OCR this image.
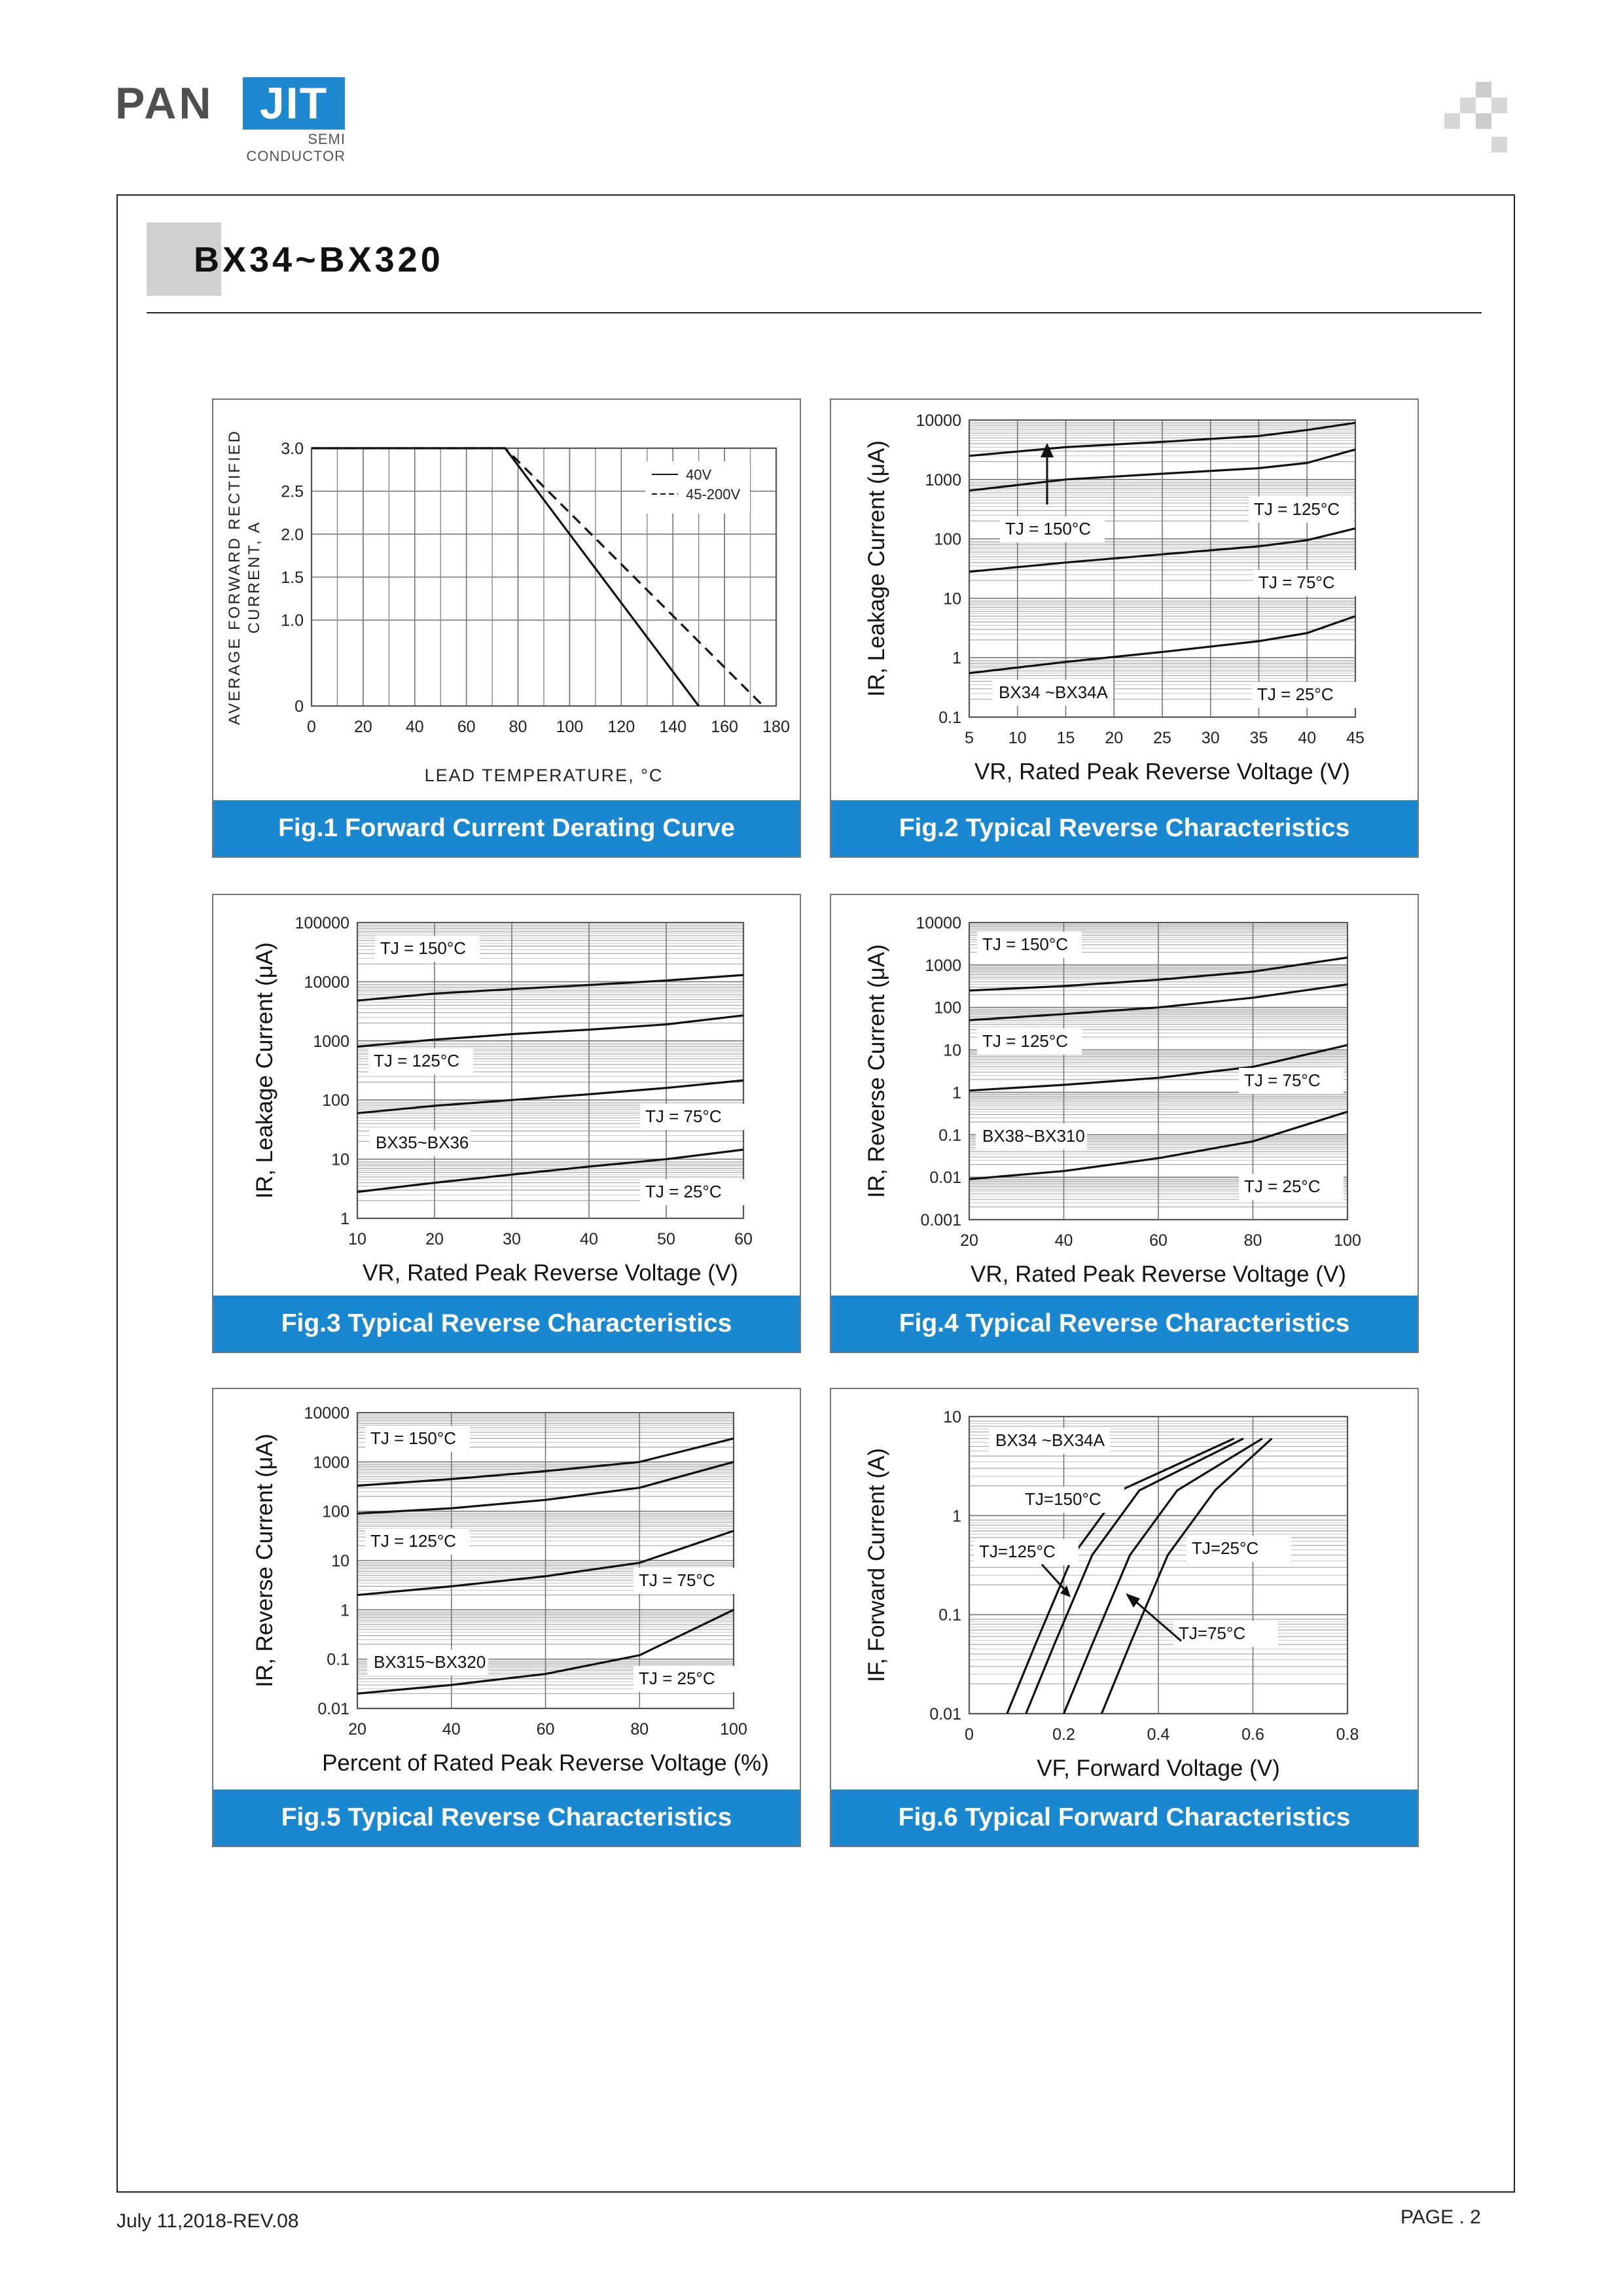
PAN	JIT
SEMI
CONDUCTOR
BX34~BX320
0
1.0
1.5
2.0
2.5
3.0
0 20 40 60 80 100 120 140 160 180
40V
45-200V
LEAD TEMPERATURE, °C
AVERAGE FORWARD RECTIFIED CURRENT, A
Fig.1 Forward Current Derating Curve
0.1
1
10
100
1000
10000
5 10 15 20 25 30 35 40 45
TJ = 150°C
TJ = 125°C
TJ = 75°C
TJ = 25°C
BX34 ~BX34A
VR, Rated Peak Reverse Voltage (V)
IR, Leakage Current (μA)
Fig.2 Typical Reverse Characteristics
1
10
100
1000
10000
100000
10	20	30	40	50	60
TJ = 150°C
TJ = 125°C
TJ = 75°C
TJ = 25°C
BX35~BX36
VR, Rated Peak Reverse Voltage (V)
IR, Leakage Current (μA)
Fig.3 Typical Reverse Characteristics
0.001
0.01
0.1
1
10
100
1000
10000
20	40	60	80	100
TJ = 150°C
TJ = 125°C
TJ = 75°C
TJ = 25°C
BX38~BX310
VR, Rated Peak Reverse Voltage (V)
IR, Reverse Current (μA)
Fig.4 Typical Reverse Characteristics
0.01
0.1
1
10
100
1000
10000
20	40	60	80	100
TJ = 150°C
TJ = 125°C
TJ = 75°C
TJ = 25°C
BX315~BX320
Percent of Rated Peak Reverse Voltage (%)
IR, Reverse Current (μA)
Fig.5 Typical Reverse Characteristics
0.01
0.1
1
10
0	0.2	0.4	0.6	0.8
TJ=150°C
TJ=125°C
TJ=75°C
TJ=25°C
BX34 ~BX34A
VF, Forward Voltage (V)
IF, Forward Current (A)
Fig.6 Typical Forward Characteristics
July 11,2018-REV.08	PAGE . 2
